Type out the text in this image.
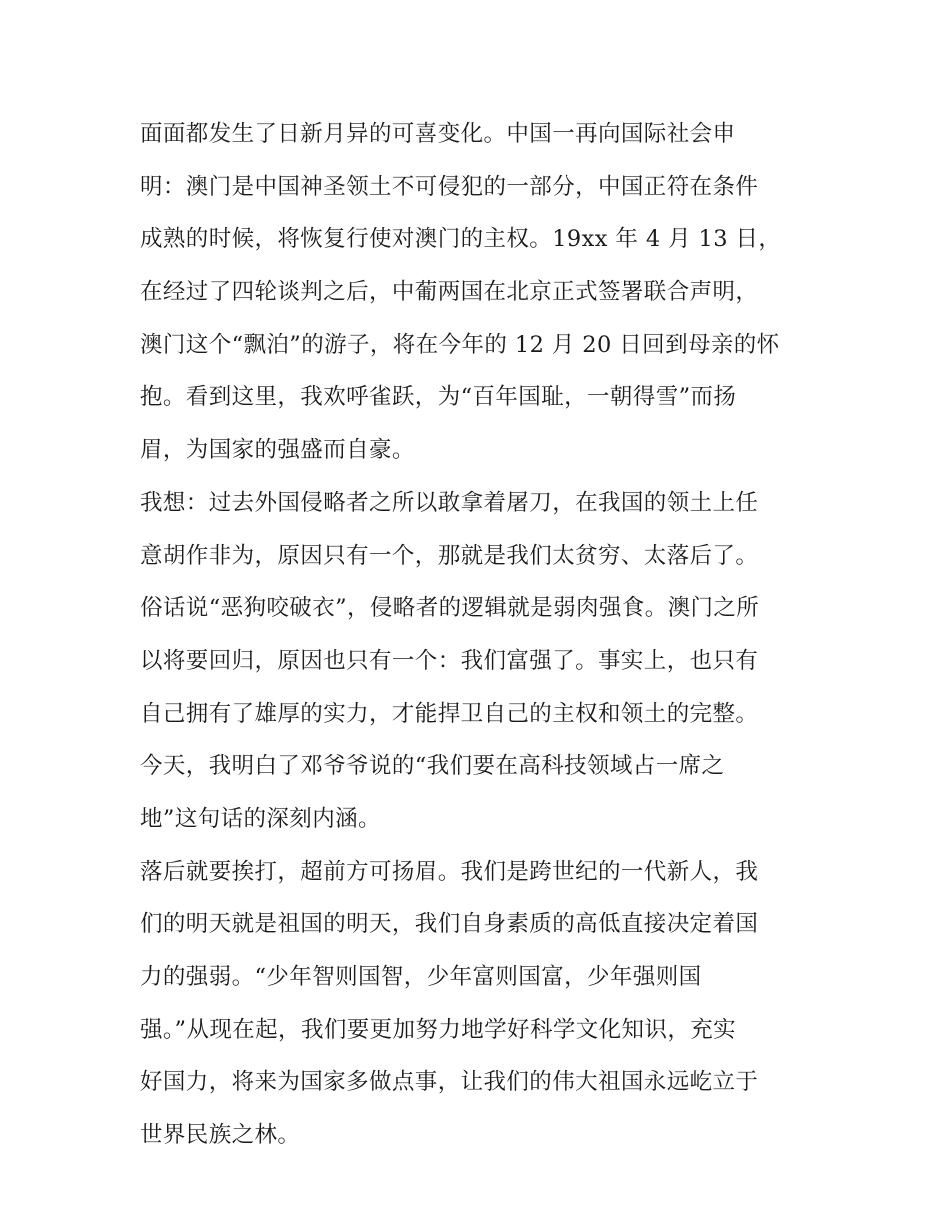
面面都发生了日新月异的可喜变化。中国一再向国际社会申
明：澳门是中国神圣领土不可侵犯的一部分，中国正符在条件
成熟的时候，将恢复行使对澳门的主权。19xx 年 4 月 13 日，
在经过了四轮谈判之后，中葡两国在北京正式签署联合声明，
澳门这个“飘泊”的游子，将在今年的 12 月 20 日回到母亲的怀
抱。看到这里，我欢呼雀跃，为“百年国耻，一朝得雪”而扬
眉，为国家的强盛而自豪。
我想：过去外国侵略者之所以敢拿着屠刀，在我国的领土上任
意胡作非为，原因只有一个，那就是我们太贫穷、太落后了。
俗话说“恶狗咬破衣”，侵略者的逻辑就是弱肉强食。澳门之所
以将要回归，原因也只有一个：我们富强了。事实上，也只有
自己拥有了雄厚的实力，才能捍卫自己的主权和领土的完整。
今天，我明白了邓爷爷说的“我们要在高科技领域占一席之
地”这句话的深刻内涵。
落后就要挨打，超前方可扬眉。我们是跨世纪的一代新人，我
们的明天就是祖国的明天，我们自身素质的高低直接决定着国
力的强弱。“少年智则国智，少年富则国富，少年强则国
强。”从现在起，我们要更加努力地学好科学文化知识，充实
好国力，将来为国家多做点事，让我们的伟大祖国永远屹立于
世界民族之林。
